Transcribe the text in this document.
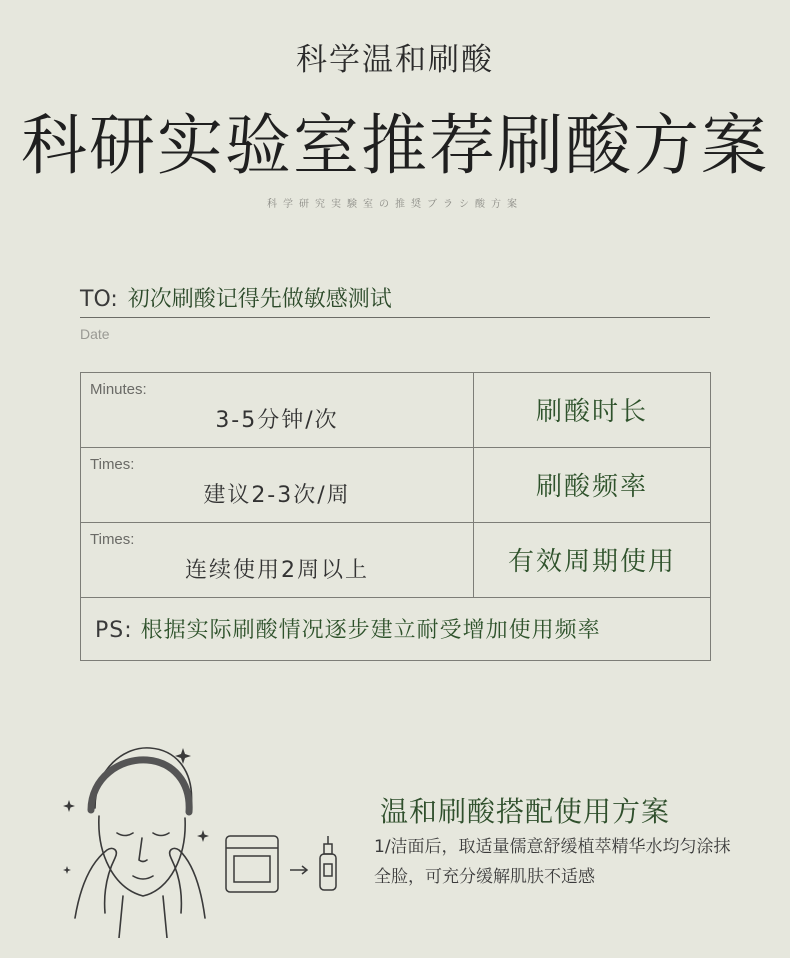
科学温和刷酸
科研实验室推荐刷酸方案
科学研究実験室の推奨ブラシ酸方案
TO: 初次刷酸记得先做敏感测试
Date
Minutes:
3-5分钟/次	刷酸时长

Times:
建议2-3次/周	刷酸频率

Times:
连续使用2周以上	有效周期使用
PS: 根据实际刷酸情况逐步建立耐受增加使用频率	
温和刷酸搭配使用方案
1/洁面后，取适量儒意舒缓植萃精华水均匀涂抹全脸，可充分缓解肌肤不适感
